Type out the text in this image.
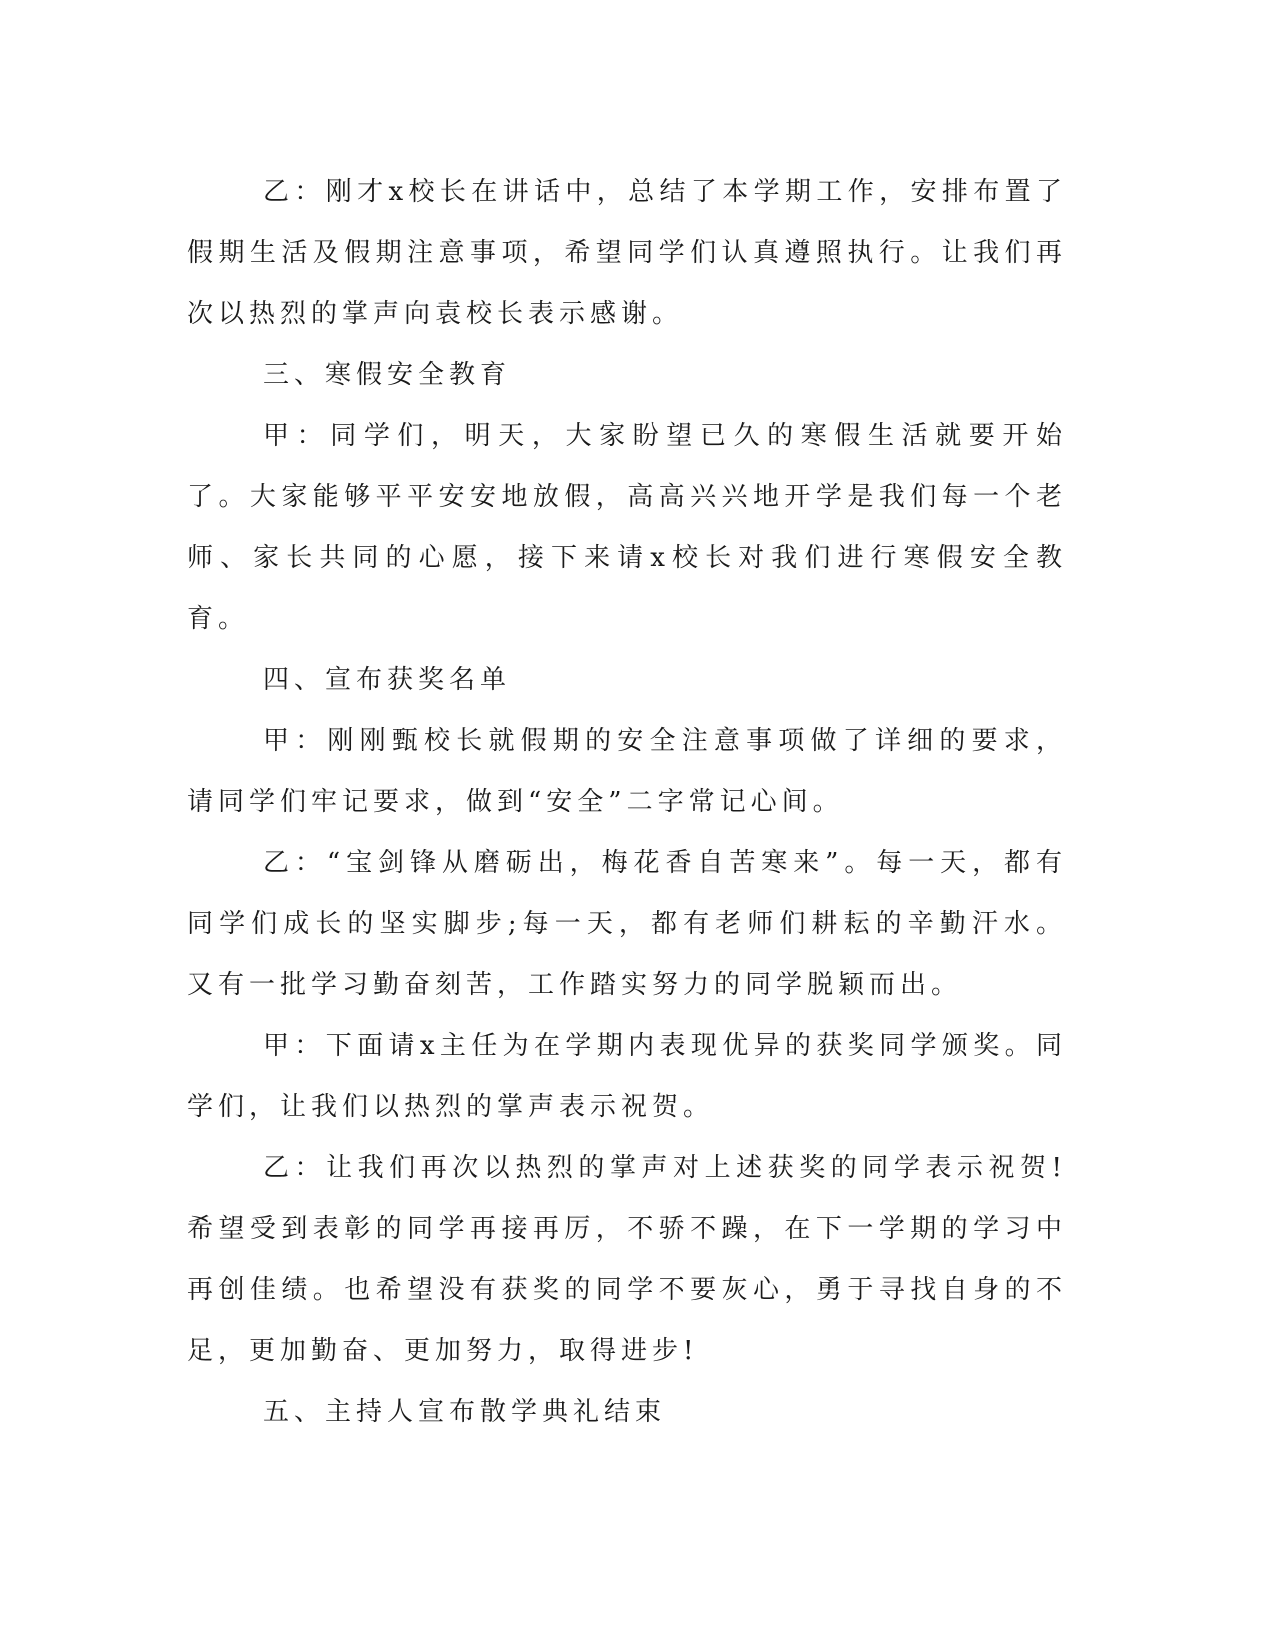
乙：刚才x校长在讲话中，总结了本学期工作，安排布置了假期生活及假期注意事项，希望同学们认真遵照执行。让我们再次以热烈的掌声向袁校长表示感谢。

三、寒假安全教育

甲：同学们，明天，大家盼望已久的寒假生活就要开始了。大家能够平平安安地放假，高高兴兴地开学是我们每一个老师、家长共同的心愿，接下来请x校长对我们进行寒假安全教育。

四、宣布获奖名单

甲：刚刚甄校长就假期的安全注意事项做了详细的要求，请同学们牢记要求，做到“安全”二字常记心间。

乙：“宝剑锋从磨砺出，梅花香自苦寒来”。每一天，都有同学们成长的坚实脚步;每一天，都有老师们耕耘的辛勤汗水。又有一批学习勤奋刻苦，工作踏实努力的同学脱颖而出。

甲：下面请x主任为在学期内表现优异的获奖同学颁奖。同学们，让我们以热烈的掌声表示祝贺。

乙：让我们再次以热烈的掌声对上述获奖的同学表示祝贺!希望受到表彰的同学再接再厉，不骄不躁，在下一学期的学习中再创佳绩。也希望没有获奖的同学不要灰心，勇于寻找自身的不足，更加勤奋、更加努力，取得进步!

五、主持人宣布散学典礼结束
